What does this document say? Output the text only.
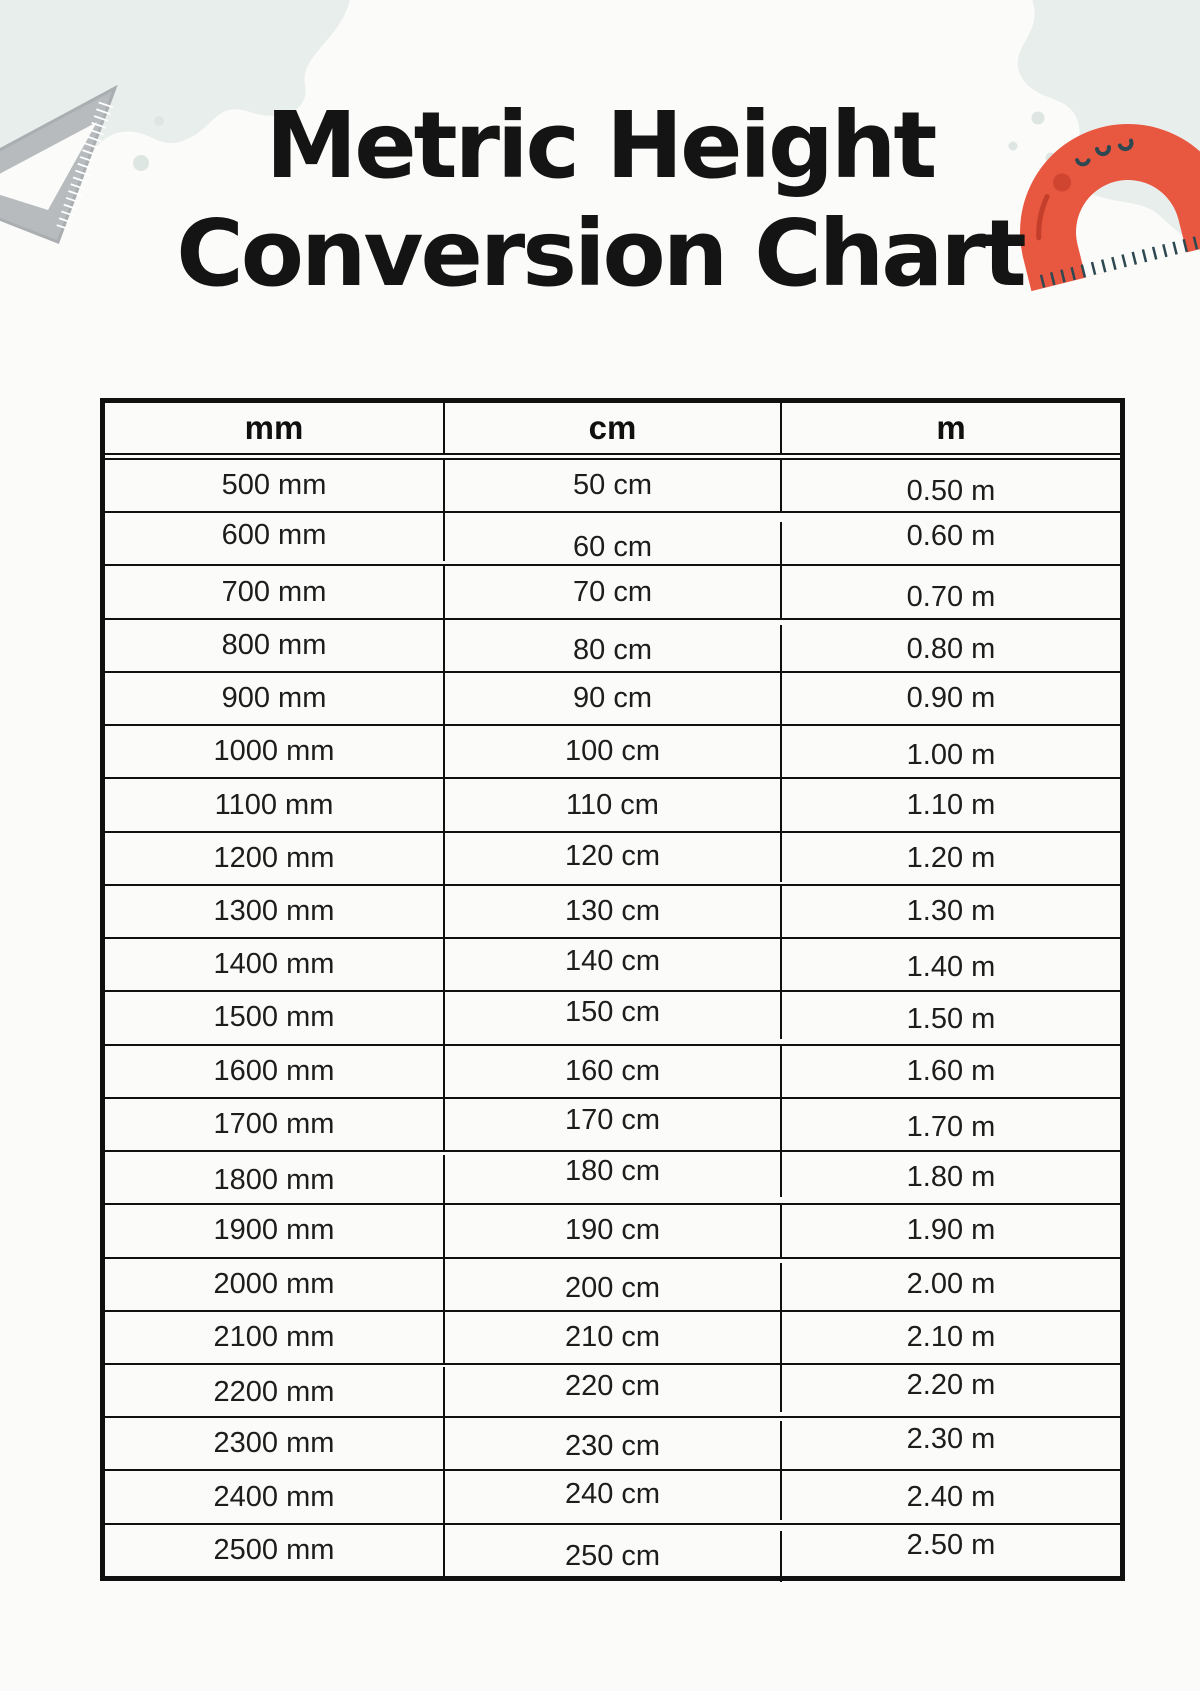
Metric Height
Conversion Chart
mm	cm	m
500 mm	50 cm	0.50 m
600 mm	60 cm	0.60 m
700 mm	70 cm	0.70 m
800 mm	80 cm	0.80 m
900 mm	90 cm	0.90 m
1000 mm	100 cm	1.00 m
1100 mm	110 cm	1.10 m
1200 mm	120 cm	1.20 m
1300 mm	130 cm	1.30 m
1400 mm	140 cm	1.40 m
1500 mm	150 cm	1.50 m
1600 mm	160 cm	1.60 m
1700 mm	170 cm	1.70 m
1800 mm	180 cm	1.80 m
1900 mm	190 cm	1.90 m
2000 mm	200 cm	2.00 m
2100 mm	210 cm	2.10 m
2200 mm	220 cm	2.20 m
2300 mm	230 cm	2.30 m
2400 mm	240 cm	2.40 m
2500 mm	250 cm	2.50 m
